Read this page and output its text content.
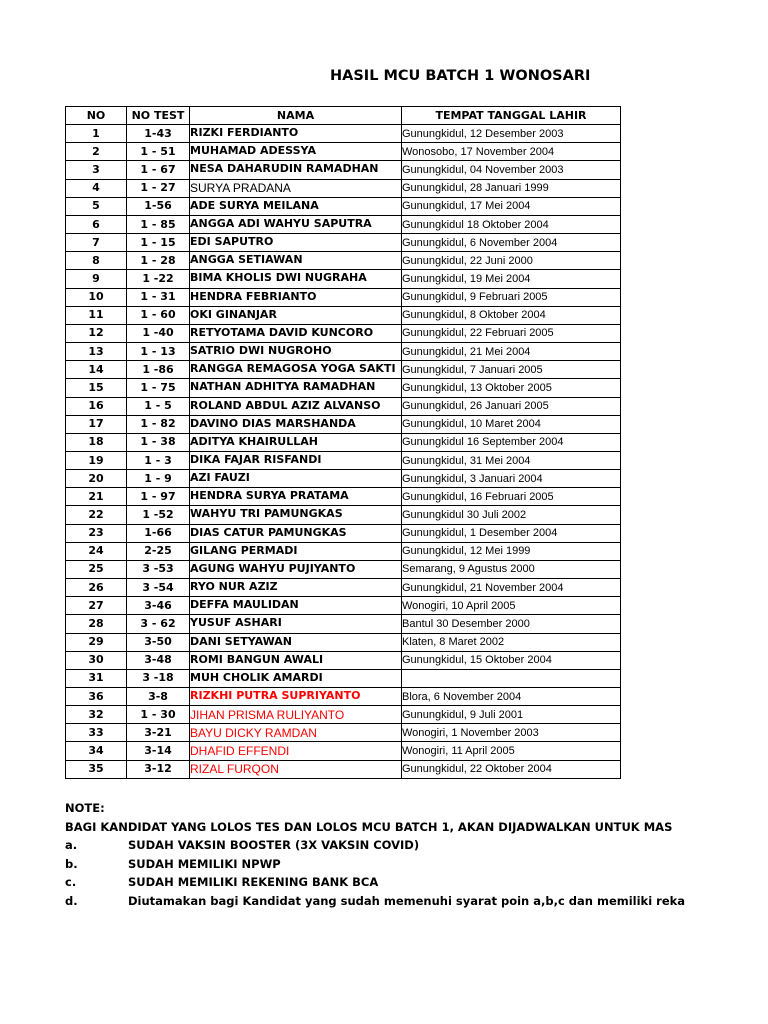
HASIL MCU BATCH 1 WONOSARI
NO	NO TEST	NAMA	TEMPAT TANGGAL LAHIR
1	1-43	RIZKI FERDIANTO	Gunungkidul, 12 Desember 2003
2	1 - 51	MUHAMAD ADESSYA	Wonosobo, 17 November 2004
3	1 - 67	NESA DAHARUDIN RAMADHAN	Gunungkidul, 04 November 2003
4	1 - 27	SURYA PRADANA	Gunungkidul, 28 Januari 1999
5	1-56	ADE SURYA MEILANA	Gunungkidul, 17 Mei 2004
6	1 - 85	ANGGA ADI WAHYU SAPUTRA	Gunungkidul 18 Oktober 2004
7	1 - 15	EDI SAPUTRO	Gunungkidul, 6 November 2004
8	1 - 28	ANGGA SETIAWAN	Gunungkidul, 22 Juni 2000
9	1 -22	BIMA KHOLIS DWI NUGRAHA	Gunungkidul, 19 Mei 2004
10	1 - 31	HENDRA FEBRIANTO	Gunungkidul, 9 Februari 2005
11	1 - 60	OKI GINANJAR	Gunungkidul, 8 Oktober 2004
12	1 -40	RETYOTAMA DAVID KUNCORO	Gunungkidul, 22 Februari 2005
13	1 - 13	SATRIO DWI NUGROHO	Gunungkidul, 21 Mei 2004
14	1 -86	RANGGA REMAGOSA YOGA SAKTI	Gunungkidul, 7 Januari 2005
15	1 - 75	NATHAN ADHITYA RAMADHAN	Gunungkidul, 13 Oktober 2005
16	1 - 5	ROLAND ABDUL AZIZ ALVANSO	Gunungkidul, 26 Januari 2005
17	1 - 82	DAVINO DIAS MARSHANDA	Gunungkidul, 10 Maret 2004
18	1 - 38	ADITYA KHAIRULLAH	Gunungkidul 16 September 2004
19	1 - 3	DIKA FAJAR RISFANDI	Gunungkidul, 31 Mei 2004
20	1 - 9	AZI FAUZI	Gunungkidul, 3 Januari 2004
21	1 - 97	HENDRA SURYA PRATAMA	Gunungkidul, 16 Februari 2005
22	1 -52	WAHYU TRI PAMUNGKAS	Gunungkidul 30 Juli 2002
23	1-66	DIAS CATUR PAMUNGKAS	Gunungkidul, 1 Desember 2004
24	2-25	GILANG PERMADI	Gunungkidul, 12 Mei 1999
25	3 -53	AGUNG WAHYU PUJIYANTO	Semarang, 9 Agustus 2000
26	3 -54	RYO NUR AZIZ	Gunungkidul, 21 November 2004
27	3-46	DEFFA MAULIDAN	Wonogiri, 10 April 2005
28	3 - 62	YUSUF ASHARI	Bantul 30 Desember 2000
29	3-50	DANI SETYAWAN	Klaten, 8 Maret 2002
30	3-48	ROMI BANGUN AWALI	Gunungkidul, 15 Oktober 2004
31	3 -18	MUH CHOLIK AMARDI	
36	3-8	RIZKHI PUTRA SUPRIYANTO	Blora, 6 November 2004
32	1 - 30	JIHAN PRISMA RULIYANTO	Gunungkidul, 9 Juli 2001
33	3-21	BAYU DICKY RAMDAN	Wonogiri, 1 November 2003
34	3-14	DHAFID EFFENDI	Wonogiri, 11 April 2005
35	3-12	RIZAL FURQON	Gunungkidul, 22 Oktober 2004
NOTE:
BAGI KANDIDAT YANG LOLOS TES DAN LOLOS MCU BATCH 1, AKAN DIJADWALKAN UNTUK MAS
a.	SUDAH VAKSIN BOOSTER (3X VAKSIN COVID)
b.	SUDAH MEMILIKI NPWP
c.	SUDAH MEMILIKI REKENING BANK BCA
d.	Diutamakan bagi Kandidat yang sudah memenuhi syarat poin a,b,c dan memiliki reka
